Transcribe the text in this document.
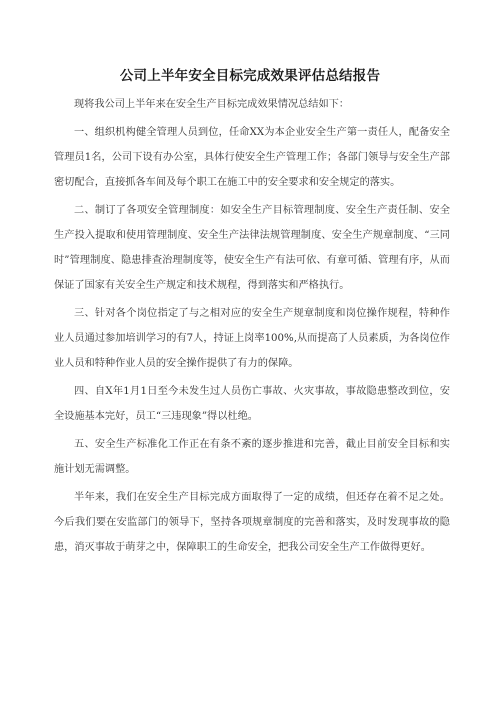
公司上半年安全目标完成效果评估总结报告

现将我公司上半年来在安全生产目标完成效果情况总结如下：

一、组织机构健全管理人员到位，任命XX为本企业安全生产第一责任人，配备安全管理员1名，公司下设有办公室，具体行使安全生产管理工作；各部门领导与安全生产部密切配合，直接抓各车间及每个职工在施工中的安全要求和安全规定的落实。

二、制订了各项安全管理制度：如安全生产目标管理制度、安全生产责任制、安全生产投入提取和使用管理制度、安全生产法律法规管理制度、安全生产规章制度、“三同时”管理制度、隐患排查治理制度等，使安全生产有法可依、有章可循、管理有序，从而保证了国家有关安全生产规定和技术规程，得到落实和严格执行。

三、针对各个岗位指定了与之相对应的安全生产规章制度和岗位操作规程，特种作业人员通过参加培训学习的有7人，持证上岗率100%,从而提高了人员素质，为各岗位作业人员和特种作业人员的安全操作提供了有力的保障。

四、自X年1月1日至今未发生过人员伤亡事故、火灾事故，事故隐患整改到位，安全设施基本完好，员工“三违现象”得以杜绝。

五、安全生产标准化工作正在有条不紊的逐步推进和完善，截止目前安全目标和实施计划无需调整。

半年来，我们在安全生产目标完成方面取得了一定的成绩，但还存在着不足之处。今后我们要在安监部门的领导下，坚持各项规章制度的完善和落实，及时发现事故的隐患，消灭事故于萌芽之中，保障职工的生命安全，把我公司安全生产工作做得更好。
